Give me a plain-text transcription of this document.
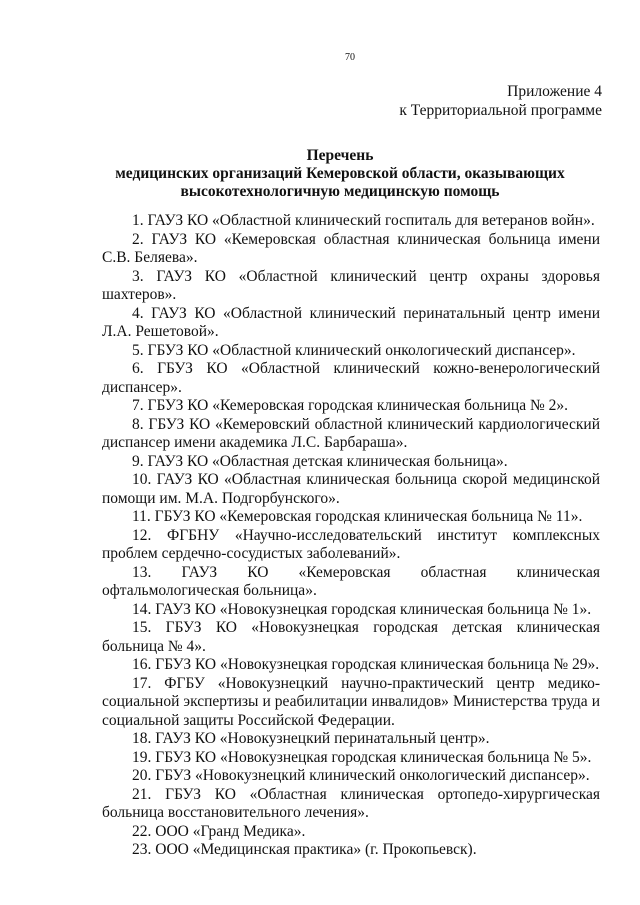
70
Приложение 4
к Территориальной программе
Перечень
медицинских организаций Кемеровской области, оказывающих
высокотехнологичную медицинскую помощь

1. ГАУЗ КО «Областной клинический госпиталь для ветеранов войн».

2. ГАУЗ КО «Кемеровская областная клиническая больница имени С.В. Беляева».

3. ГАУЗ КО «Областной клинический центр охраны здоровья шахтеров».

4. ГАУЗ КО «Областной клинический перинатальный центр имени Л.А. Решетовой».

5. ГБУЗ КО «Областной клинический онкологический диспансер».

6. ГБУЗ КО «Областной клинический кожно-венерологический диспансер».

7. ГБУЗ КО «Кемеровская городская клиническая больница № 2».

8. ГБУЗ КО «Кемеровский областной клинический кардиологический диспансер имени академика Л.С. Барбараша».

9. ГАУЗ КО «Областная детская клиническая больница».

10. ГАУЗ КО «Областная клиническая больница скорой медицинской помощи им. М.А. Подгорбунского».

11. ГБУЗ КО «Кемеровская городская клиническая больница № 11».

12. ФГБНУ «Научно-исследовательский институт комплексных проблем сердечно-сосудистых заболеваний».

13. ГАУЗ КО «Кемеровская областная клиническая офтальмологическая больница».

14. ГАУЗ КО «Новокузнецкая городская клиническая больница № 1».

15. ГБУЗ КО «Новокузнецкая городская детская клиническая больница № 4».

16. ГБУЗ КО «Новокузнецкая городская клиническая больница № 29».

17. ФГБУ «Новокузнецкий научно-практический центр медико-социальной экспертизы и реабилитации инвалидов» Министерства труда и социальной защиты Российской Федерации.

18. ГАУЗ КО «Новокузнецкий перинатальный центр».

19. ГБУЗ КО «Новокузнецкая городская клиническая больница № 5».

20. ГБУЗ «Новокузнецкий клинический онкологический диспансер».

21. ГБУЗ КО «Областная клиническая ортопедо-хирургическая больница восстановительного лечения».

22. ООО «Гранд Медика».

23. ООО «Медицинская практика» (г. Прокопьевск).
